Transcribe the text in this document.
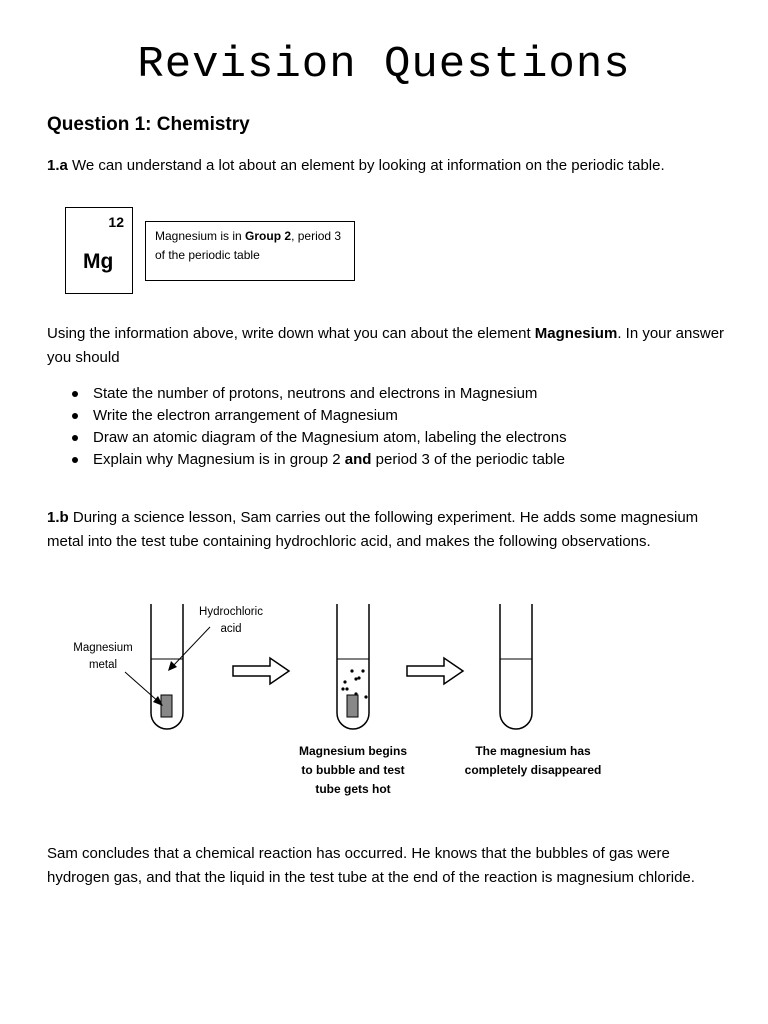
Revision Questions
Question 1: Chemistry
1.a We can understand a lot about an element by looking at information on the periodic table.
12
Mg
Magnesium is in Group 2, period 3 of the periodic table
Using the information above, write down what you can about the element Magnesium. In your answer you should
State the number of protons, neutrons and electrons in Magnesium
Write the electron arrangement of Magnesium
Draw an atomic diagram of the Magnesium atom, labeling the electrons
Explain why Magnesium is in group 2 and period 3 of the periodic table
1.b During a science lesson, Sam carries out the following experiment. He adds some magnesium metal into the test tube containing hydrochloric acid, and makes the following observations.
Hydrochloric
acid
Magnesium
metal
Magnesium begins
to bubble and test
tube gets hot
The magnesium has
completely disappeared
Sam concludes that a chemical reaction has occurred. He knows that the bubbles of gas were hydrogen gas, and that the liquid in the test tube at the end of the reaction is magnesium chloride.
